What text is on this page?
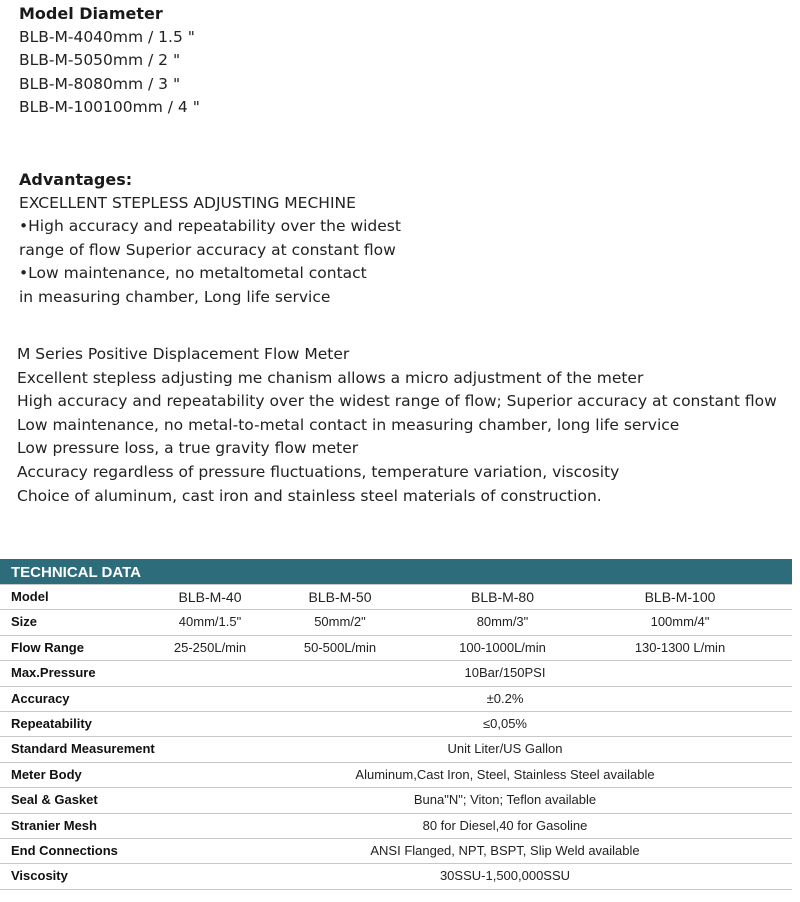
Model Diameter
BLB-M-4040mm / 1.5 "
BLB-M-5050mm / 2 "
BLB-M-8080mm / 3 "
BLB-M-100100mm / 4 "
Advantages:
EXCELLENT STEPLESS ADJUSTING MECHINE
•High accuracy and repeatability over the widest
range of flow Superior accuracy at constant flow
•Low maintenance, no metaltometal contact
in measuring chamber, Long life service
M Series Positive Displacement Flow Meter
Excellent stepless adjusting me chanism allows a micro adjustment of the meter
High accuracy and repeatability over the widest range of flow; Superior accuracy at constant flow
Low maintenance, no metal-to-metal contact in measuring chamber, long life service
Low pressure loss, a true gravity flow meter
Accuracy regardless of pressure fluctuations, temperature variation, viscosity
Choice of aluminum, cast iron and stainless steel materials of construction.
TECHNICAL DATA
Model	BLB-M-40	BLB-M-50	BLB-M-80	BLB-M-100
Size	40mm/1.5"	50mm/2"	80mm/3"	100mm/4"
Flow Range	25-250L/min	50-500L/min	100-1000L/min	130-1300 L/min
Max.Pressure	10Bar/150PSI
Accuracy	±0.2%
Repeatability	≤0,05%
Standard Measurement	Unit Liter/US Gallon
Meter Body	Aluminum,Cast Iron, Steel, Stainless Steel available
Seal & Gasket	Buna"N"; Viton; Teflon available
Stranier Mesh	80 for Diesel,40 for Gasoline
End Connections	ANSI Flanged, NPT, BSPT, Slip Weld available
Viscosity	30SSU-1,500,000SSU
